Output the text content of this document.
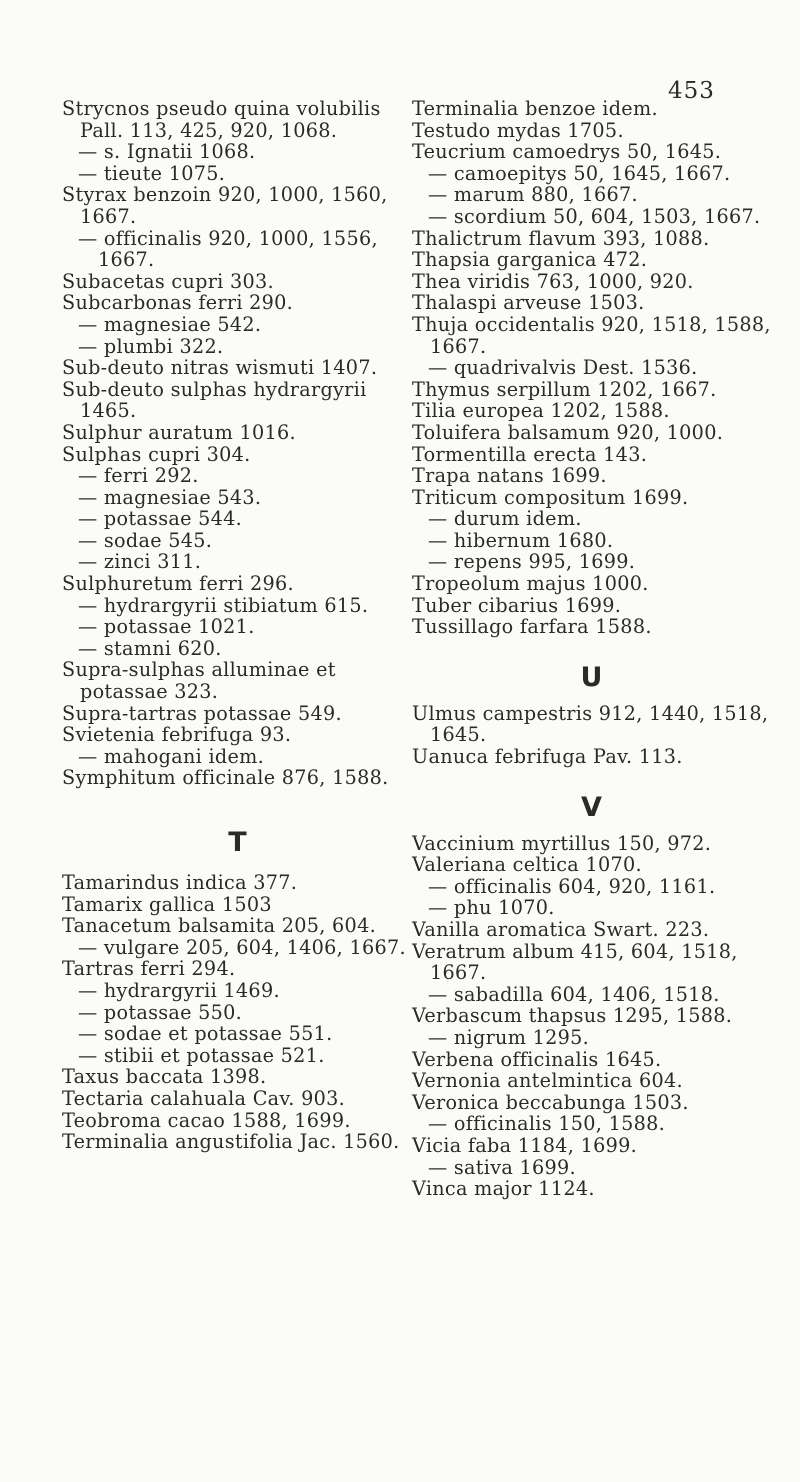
453
Strycnos pseudo quina volubilis Pall. 113, 425, 920, 1068.
— s. Ignatii 1068.
— tieute 1075.
Styrax benzoin 920, 1000, 1560, 1667.
— officinalis 920, 1000, 1556, 1667.
Subacetas cupri 303.
Subcarbonas ferri 290.
— magnesiae 542.
— plumbi 322.
Sub-deuto nitras wismuti 1407.
Sub-deuto sulphas hydrargyrii 1465.
Sulphur auratum 1016.
Sulphas cupri 304.
— ferri 292.
— magnesiae 543.
— potassae 544.
— sodae 545.
— zinci 311.
Sulphuretum ferri 296.
— hydrargyrii stibiatum 615.
— potassae 1021.
— stamni 620.
Supra-sulphas alluminae et potassae 323.
Supra-tartras potassae 549.
Svietenia febrifuga 93.
— mahogani idem.
Symphitum officinale 876, 1588.
T
Tamarindus indica 377.
Tamarix gallica 1503
Tanacetum balsamita 205, 604.
— vulgare 205, 604, 1406, 1667.
Tartras ferri 294.
— hydrargyrii 1469.
— potassae 550.
— sodae et potassae 551.
— stibii et potassae 521.
Taxus baccata 1398.
Tectaria calahuala Cav. 903.
Teobroma cacao 1588, 1699.
Terminalia angustifolia Jac. 1560.
Terminalia benzoe idem.
Testudo mydas 1705.
Teucrium camoedrys 50, 1645.
— camoepitys 50, 1645, 1667.
— marum 880, 1667.
— scordium 50, 604, 1503, 1667.
Thalictrum flavum 393, 1088.
Thapsia garganica 472.
Thea viridis 763, 1000, 920.
Thalaspi arveuse 1503.
Thuja occidentalis 920, 1518, 1588, 1667.
— quadrivalvis Dest. 1536.
Thymus serpillum 1202, 1667.
Tilia europea 1202, 1588.
Toluifera balsamum 920, 1000.
Tormentilla erecta 143.
Trapa natans 1699.
Triticum compositum 1699.
— durum idem.
— hibernum 1680.
— repens 995, 1699.
Tropeolum majus 1000.
Tuber cibarius 1699.
Tussillago farfara 1588.
U
Ulmus campestris 912, 1440, 1518, 1645.
Uanuca febrifuga Pav. 113.
V
Vaccinium myrtillus 150, 972.
Valeriana celtica 1070.
— officinalis 604, 920, 1161.
— phu 1070.
Vanilla aromatica Swart. 223.
Veratrum album 415, 604, 1518, 1667.
— sabadilla 604, 1406, 1518.
Verbascum thapsus 1295, 1588.
— nigrum 1295.
Verbena officinalis 1645.
Vernonia antelmintica 604.
Veronica beccabunga 1503.
— officinalis 150, 1588.
Vicia faba 1184, 1699.
— sativa 1699.
Vinca major 1124.
